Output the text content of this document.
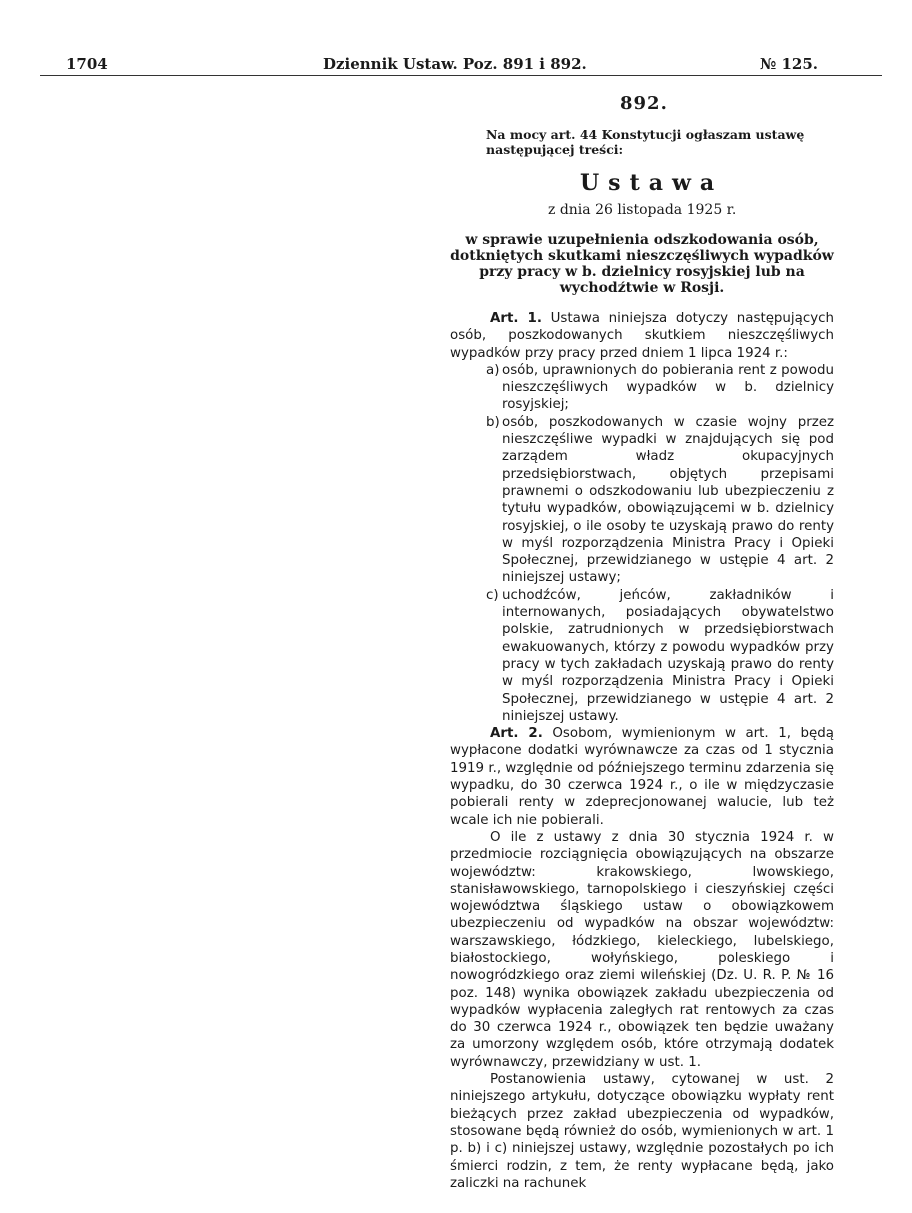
1704	Dziennik Ustaw. Poz. 891 i 892.	№ 125.
892.
Na mocy art. 44 Konstytucji ogłaszam ustawę następującej treści:
Ustawa
z dnia 26 listopada 1925 r.
w sprawie uzupełnienia odszkodowania osób, dotkniętych skutkami nieszczęśliwych wypadków przy pracy w b. dzielnicy rosyjskiej lub na wychodźtwie w Rosji.

Art. 1. Ustawa niniejsza dotyczy następujących osób, poszkodowanych skutkiem nieszczęśliwych wypadków przy pracy przed dniem 1 lipca 1924 r.:

a) osób, uprawnionych do pobierania rent z powodu nieszczęśliwych wypadków w b. dzielnicy rosyjskiej;

b) osób, poszkodowanych w czasie wojny przez nieszczęśliwe wypadki w znajdujących się pod zarządem władz okupacyjnych przedsiębiorstwach, objętych przepisami prawnemi o odszkodowaniu lub ubezpieczeniu z tytułu wypadków, obowiązującemi w b. dzielnicy rosyjskiej, o ile osoby te uzyskają prawo do renty w myśl rozporządzenia Ministra Pracy i Opieki Społecznej, przewidzianego w ustępie 4 art. 2 niniejszej ustawy;

c) uchodźców, jeńców, zakładników i internowanych, posiadających obywatelstwo polskie, zatrudnionych w przedsiębiorstwach ewakuowanych, którzy z powodu wypadków przy pracy w tych zakładach uzyskają prawo do renty w myśl rozporządzenia Ministra Pracy i Opieki Społecznej, przewidzianego w ustępie 4 art. 2 niniejszej ustawy.

Art. 2. Osobom, wymienionym w art. 1, będą wypłacone dodatki wyrównawcze za czas od 1 stycznia 1919 r., względnie od późniejszego terminu zdarzenia się wypadku, do 30 czerwca 1924 r., o ile w międzyczasie pobierali renty w zdeprecjonowanej walucie, lub też wcale ich nie pobierali.

O ile z ustawy z dnia 30 stycznia 1924 r. w przedmiocie rozciągnięcia obowiązujących na obszarze województw: krakowskiego, lwowskiego, stanisławowskiego, tarnopolskiego i cieszyńskiej części województwa śląskiego ustaw o obowiązkowem ubezpieczeniu od wypadków na obszar województw: warszawskiego, łódzkiego, kieleckiego, lubelskiego, białostockiego, wołyńskiego, poleskiego i nowogródzkiego oraz ziemi wileńskiej (Dz. U. R. P. № 16 poz. 148) wynika obowiązek zakładu ubezpieczenia od wypadków wypłacenia zaległych rat rentowych za czas do 30 czerwca 1924 r., obowiązek ten będzie uważany za umorzony względem osób, które otrzymają dodatek wyrównawczy, przewidziany w ust. 1.

Postanowienia ustawy, cytowanej w ust. 2 niniejszego artykułu, dotyczące obowiązku wypłaty rent bieżących przez zakład ubezpieczenia od wypadków, stosowane będą również do osób, wymienionych w art. 1 p. b) i c) niniejszej ustawy, względnie pozostałych po ich śmierci rodzin, z tem, że renty wypłacane będą, jako zaliczki na rachunek
